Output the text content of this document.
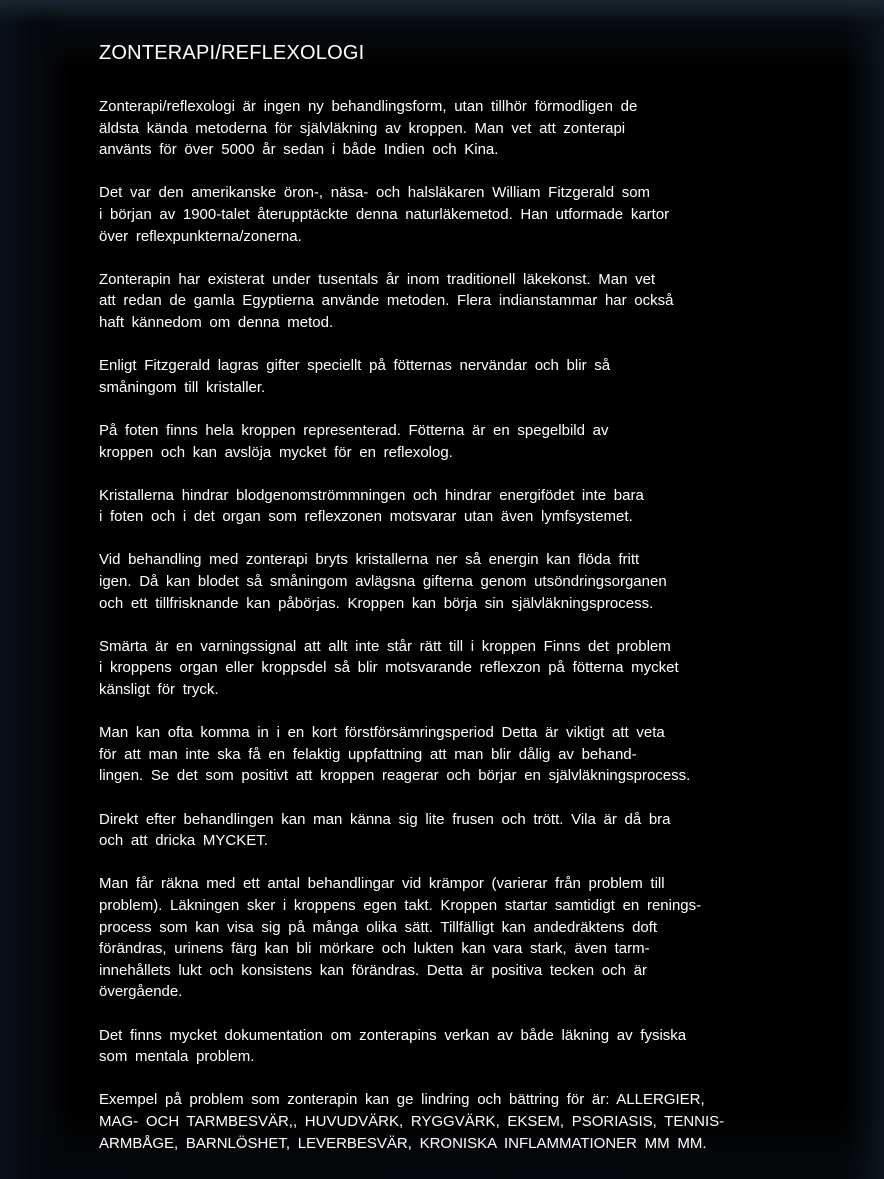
ZONTERAPI/REFLEXOLOGI

Zonterapi/reflexologi är ingen ny behandlingsform, utan tillhör förmodligen de
äldsta kända metoderna för självläkning av kroppen. Man vet att zonterapi
använts för över 5000 år sedan i både Indien och Kina.

Det var den amerikanske öron-, näsa- och halsläkaren William Fitzgerald som
i början av 1900-talet återupptäckte denna naturläkemetod. Han utformade kartor
över reflexpunkterna/zonerna.

Zonterapin har existerat under tusentals år inom traditionell läkekonst. Man vet
att redan de gamla Egyptierna använde metoden. Flera indianstammar har också
haft kännedom om denna metod.

Enligt Fitzgerald lagras gifter speciellt på fötternas nervändar och blir så
småningom till kristaller.

På foten finns hela kroppen representerad. Fötterna är en spegelbild av
kroppen och kan avslöja mycket för en reflexolog.

Kristallerna hindrar blodgenomströmmningen och hindrar energifödet inte bara
i foten och i det organ som reflexzonen motsvarar utan även lymfsystemet.

Vid behandling med zonterapi bryts kristallerna ner så energin kan flöda fritt
igen. Då kan blodet så småningom avlägsna gifterna genom utsöndringsorganen
och ett tillfrisknande kan påbörjas. Kroppen kan börja sin självläkningsprocess.

Smärta är en varningssignal att allt inte står rätt till i kroppen Finns det problem
i kroppens organ eller kroppsdel så blir motsvarande reflexzon på fötterna mycket
känsligt för tryck.

Man kan ofta komma in i en kort förstförsämringsperiod Detta är viktigt att veta
för att man inte ska få en felaktig uppfattning att man blir dålig av behand-
lingen. Se det som positivt att kroppen reagerar och börjar en självläkningsprocess.

Direkt efter behandlingen kan man känna sig lite frusen och trött. Vila är då bra
och att dricka MYCKET.

Man får räkna med ett antal behandlingar vid krämpor (varierar från problem till
problem). Läkningen sker i kroppens egen takt. Kroppen startar samtidigt en renings-
process som kan visa sig på många olika sätt. Tillfälligt kan andedräktens doft
förändras, urinens färg kan bli mörkare och lukten kan vara stark, även tarm-
innehållets lukt och konsistens kan förändras. Detta är positiva tecken och är
övergående.

Det finns mycket dokumentation om zonterapins verkan av både läkning av fysiska
som mentala problem.

Exempel på problem som zonterapin kan ge lindring och bättring för är: ALLERGIER,
MAG- OCH TARMBESVÄR,, HUVUDVÄRK, RYGGVÄRK, EKSEM, PSORIASIS, TENNIS-
ARMBÅGE, BARNLÖSHET, LEVERBESVÄR, KRONISKA INFLAMMATIONER MM MM.
